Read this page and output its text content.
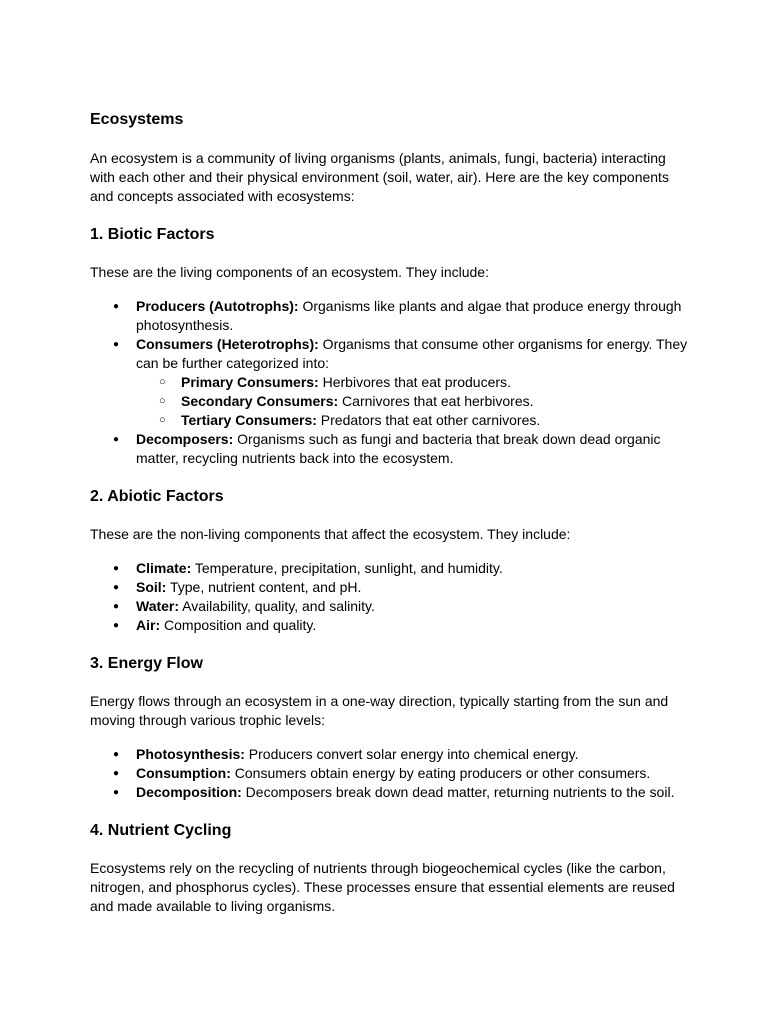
Ecosystems

An ecosystem is a community of living organisms (plants, animals, fungi, bacteria) interacting with each other and their physical environment (soil, water, air). Here are the key components and concepts associated with ecosystems:

1. Biotic Factors

These are the living components of an ecosystem. They include:

● Producers (Autotrophs): Organisms like plants and algae that produce energy through photosynthesis.
● Consumers (Heterotrophs): Organisms that consume other organisms for energy. They can be further categorized into:
○ Primary Consumers: Herbivores that eat producers.
○ Secondary Consumers: Carnivores that eat herbivores.
○ Tertiary Consumers: Predators that eat other carnivores.
● Decomposers: Organisms such as fungi and bacteria that break down dead organic matter, recycling nutrients back into the ecosystem.
2. Abiotic Factors

These are the non-living components that affect the ecosystem. They include:

● Climate: Temperature, precipitation, sunlight, and humidity.
● Soil: Type, nutrient content, and pH.
● Water: Availability, quality, and salinity.
● Air: Composition and quality.
3. Energy Flow

Energy flows through an ecosystem in a one-way direction, typically starting from the sun and moving through various trophic levels:

● Photosynthesis: Producers convert solar energy into chemical energy.
● Consumption: Consumers obtain energy by eating producers or other consumers.
● Decomposition: Decomposers break down dead matter, returning nutrients to the soil.
4. Nutrient Cycling

Ecosystems rely on the recycling of nutrients through biogeochemical cycles (like the carbon, nitrogen, and phosphorus cycles). These processes ensure that essential elements are reused and made available to living organisms.
